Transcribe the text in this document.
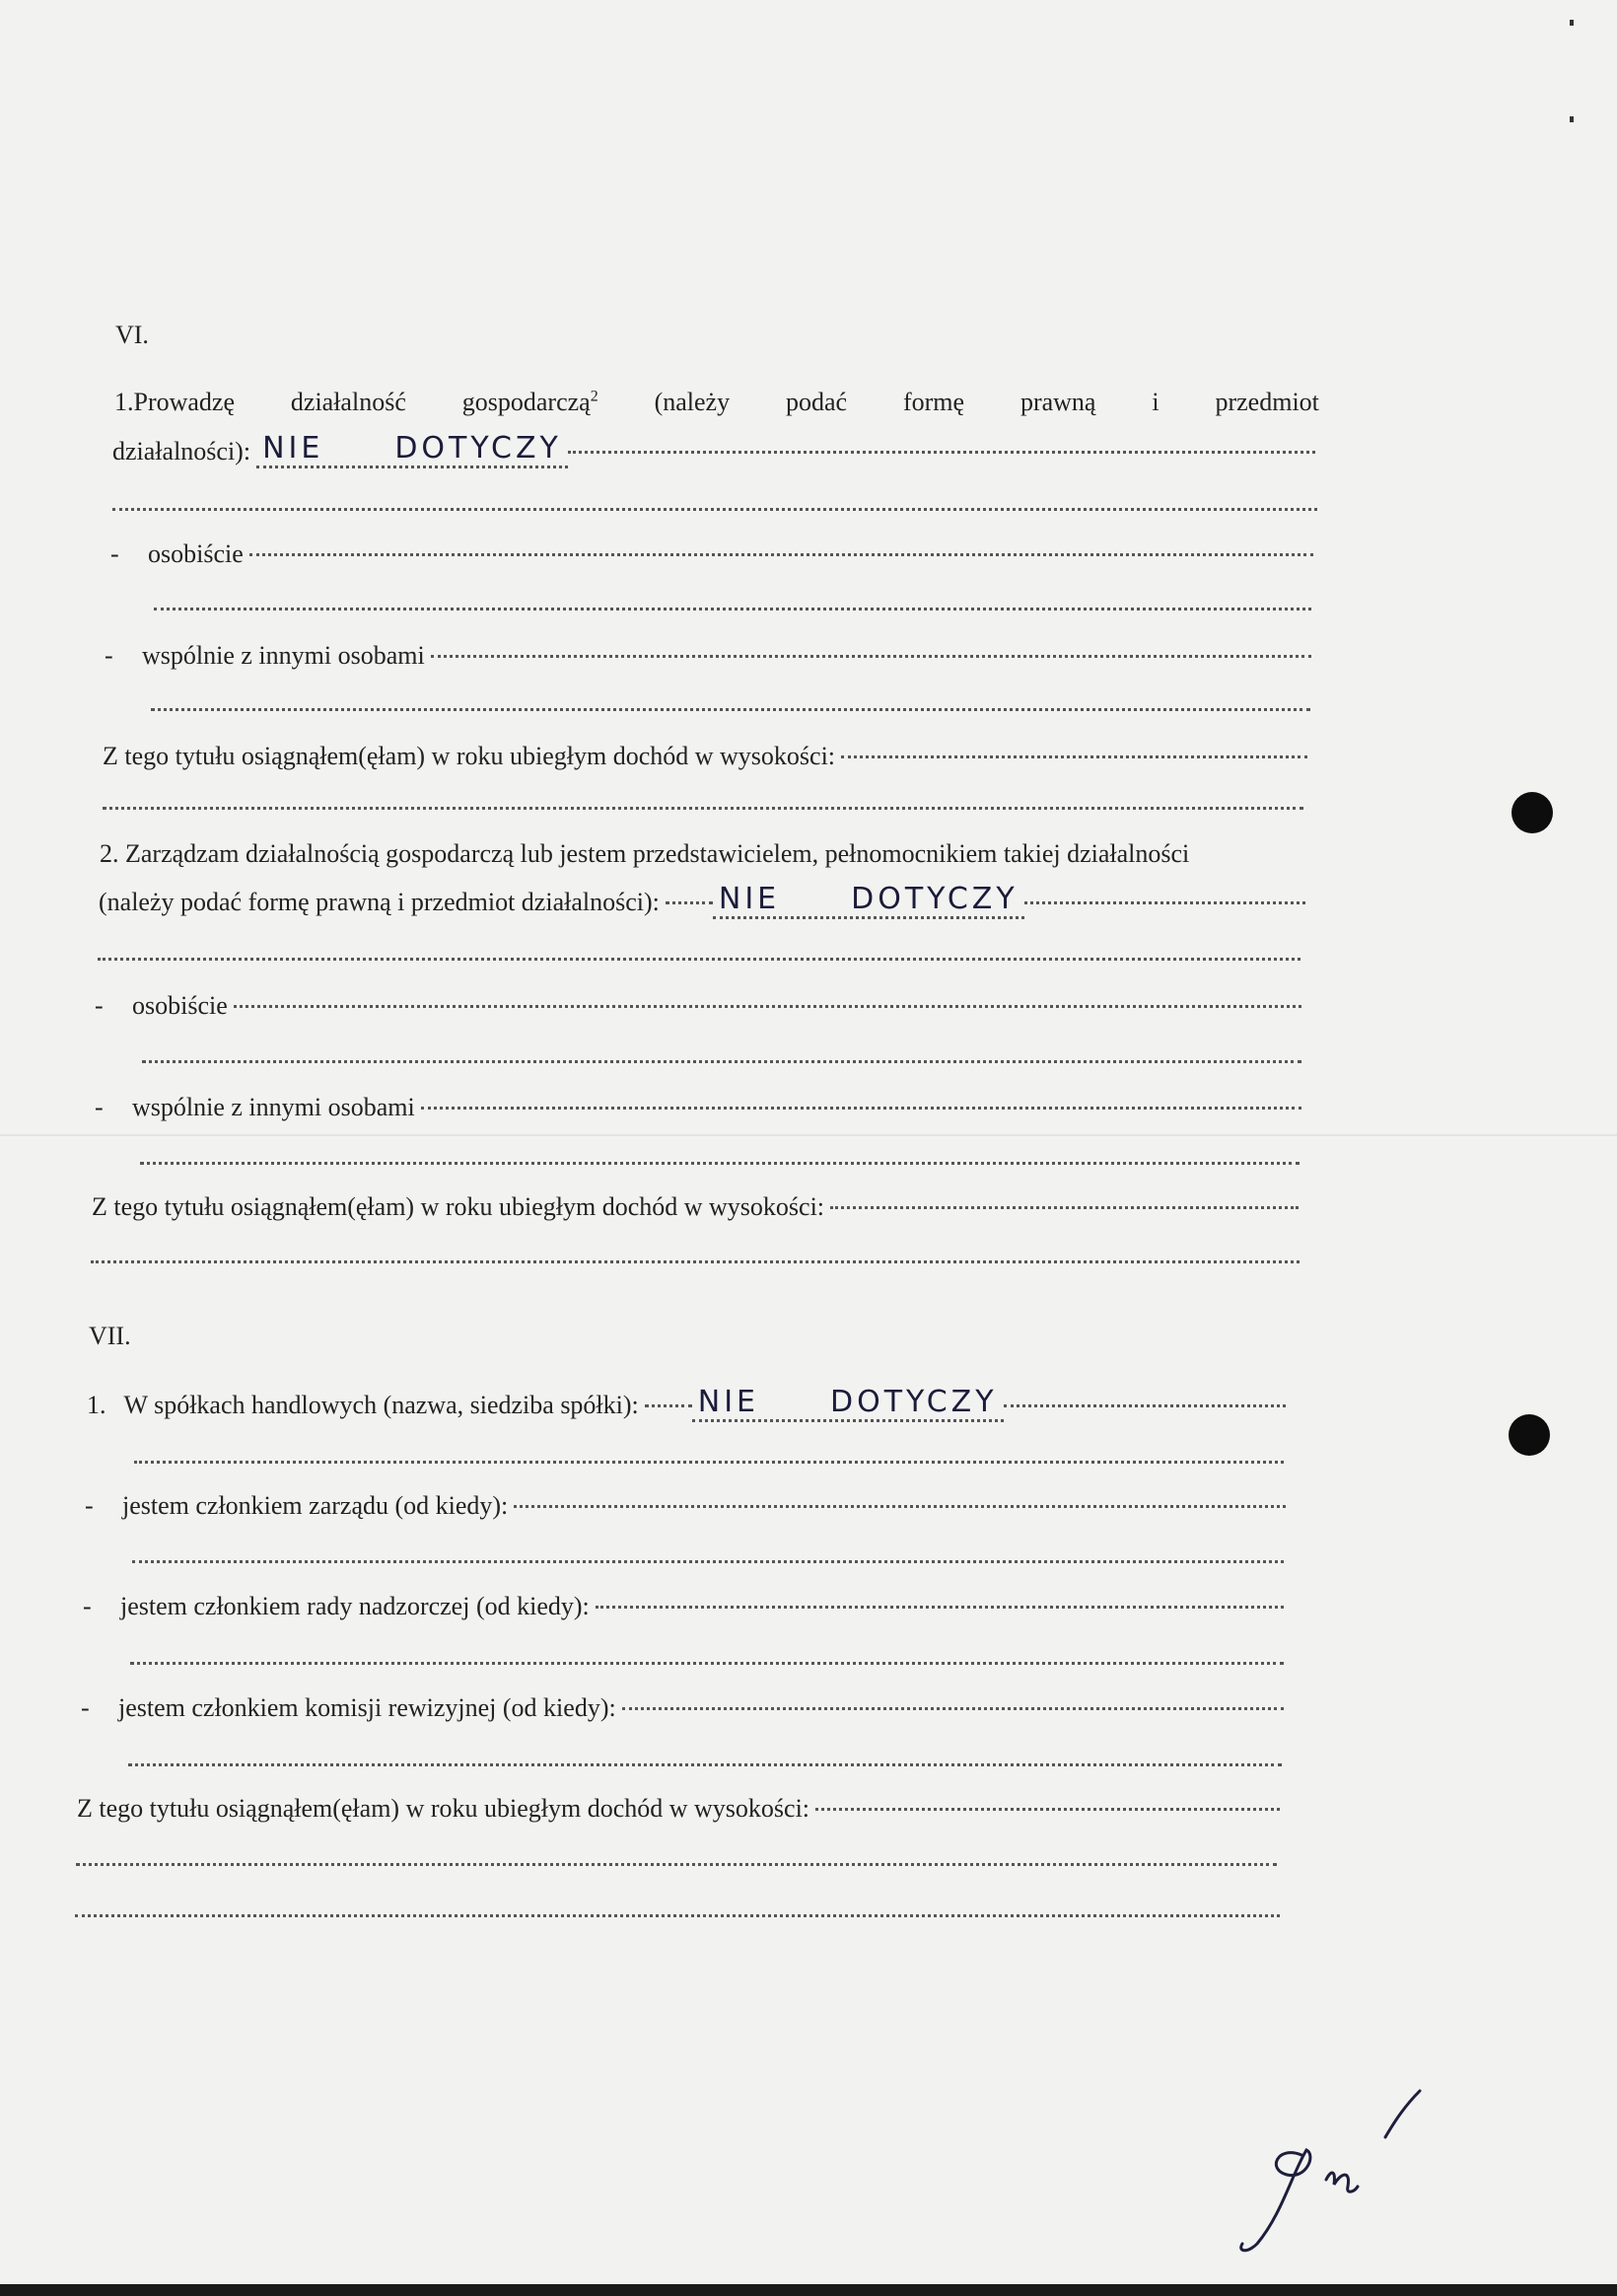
VI.
1.Prowadzę działalność gospodarczą$^2$ (należy podać formę prawną i przedmiot
działalności): NIE DOTYCZY
-	osobiście
-	wspólnie z innymi osobami
Z tego tytułu osiągnąłem(ęłam) w roku ubiegłym dochód w wysokości:
2. Zarządzam działalnością gospodarczą lub jestem przedstawicielem, pełnomocnikiem takiej działalności
(należy podać formę prawną i przedmiot działalności): NIE DOTYCZY
-	osobiście
-	wspólnie z innymi osobami
Z tego tytułu osiągnąłem(ęłam) w roku ubiegłym dochód w wysokości:
VII.
1. W spółkach handlowych (nazwa, siedziba spółki): NIE DOTYCZY
-	jestem członkiem zarządu (od kiedy):
-	jestem członkiem rady nadzorczej (od kiedy):
-	jestem członkiem komisji rewizyjnej (od kiedy):
Z tego tytułu osiągnąłem(ęłam) w roku ubiegłym dochód w wysokości:
